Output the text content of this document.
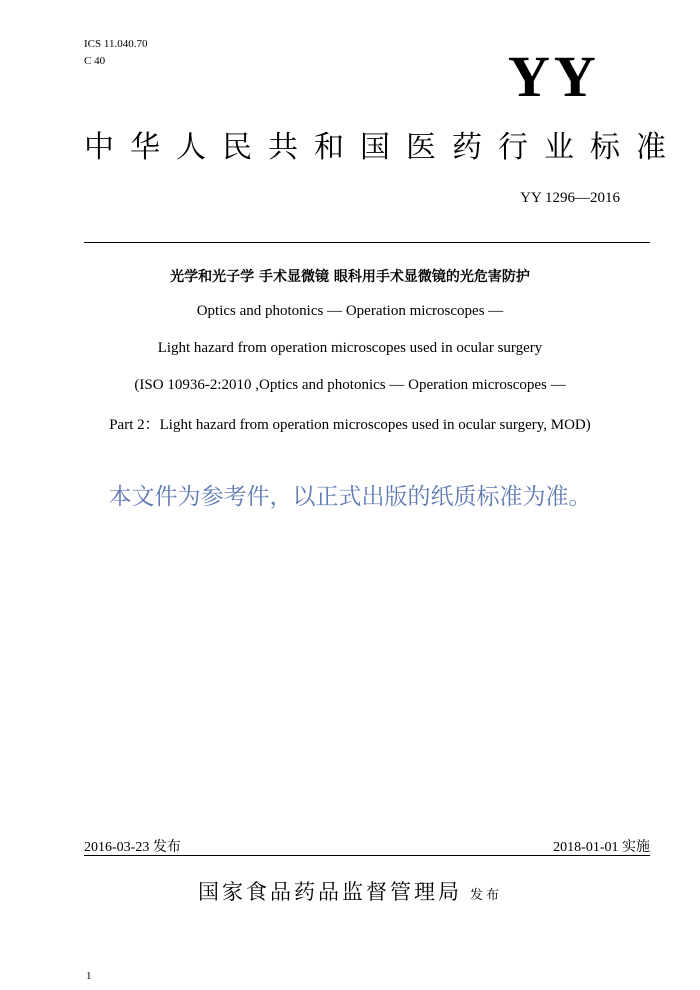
ICS 11.040.70
C 40	YY
中华人民共和国医药行业标准
YY 1296—2016
光学和光子学 手术显微镜 眼科用手术显微镜的光危害防护
Optics and photonics — Operation microscopes —
Light hazard from operation microscopes used in ocular surgery
(ISO 10936-2:2010 ,Optics and photonics — Operation microscopes —
Part 2：Light hazard from operation microscopes used in ocular surgery, MOD)
本文件为参考件，以正式出版的纸质标准为准。
2016-03-23 发布	2018-01-01 实施
国家食品药品监督管理局 发布
1
